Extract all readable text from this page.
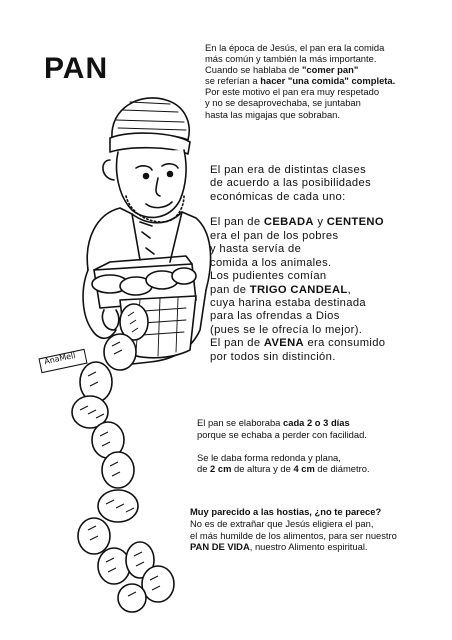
PAN
AnaMell
En la época de Jesús, el pan era la comida
más común y también la más importante.
Cuando se hablaba de "comer pan"
se referían a hacer "una comida" completa.
Por este motivo el pan era muy respetado
y no se desaprovechaba, se juntaban
hasta las migajas que sobraban.
El pan era de distintas clases
de acuerdo a las posibilidades
económicas de cada uno:
El pan de CEBADA y CENTENO
era el pan de los pobres
y hasta servía de
comida a los animales.
Los pudientes comían
pan de TRIGO CANDEAL,
cuya harina estaba destinada
para las ofrendas a Dios
(pues se le ofrecía lo mejor).
El pan de AVENA era consumido
por todos sin distinción.
El pan se elaboraba cada 2 o 3 días
porque se echaba a perder con facilidad.
Se le daba forma redonda y plana,
de 2 cm de altura y de 4 cm de diámetro.
Muy parecido a las hostias, ¿no te parece?
No es de extrañar que Jesús eligiera el pan,
el más humilde de los alimentos, para ser nuestro
PAN DE VIDA, nuestro Alimento espiritual.
